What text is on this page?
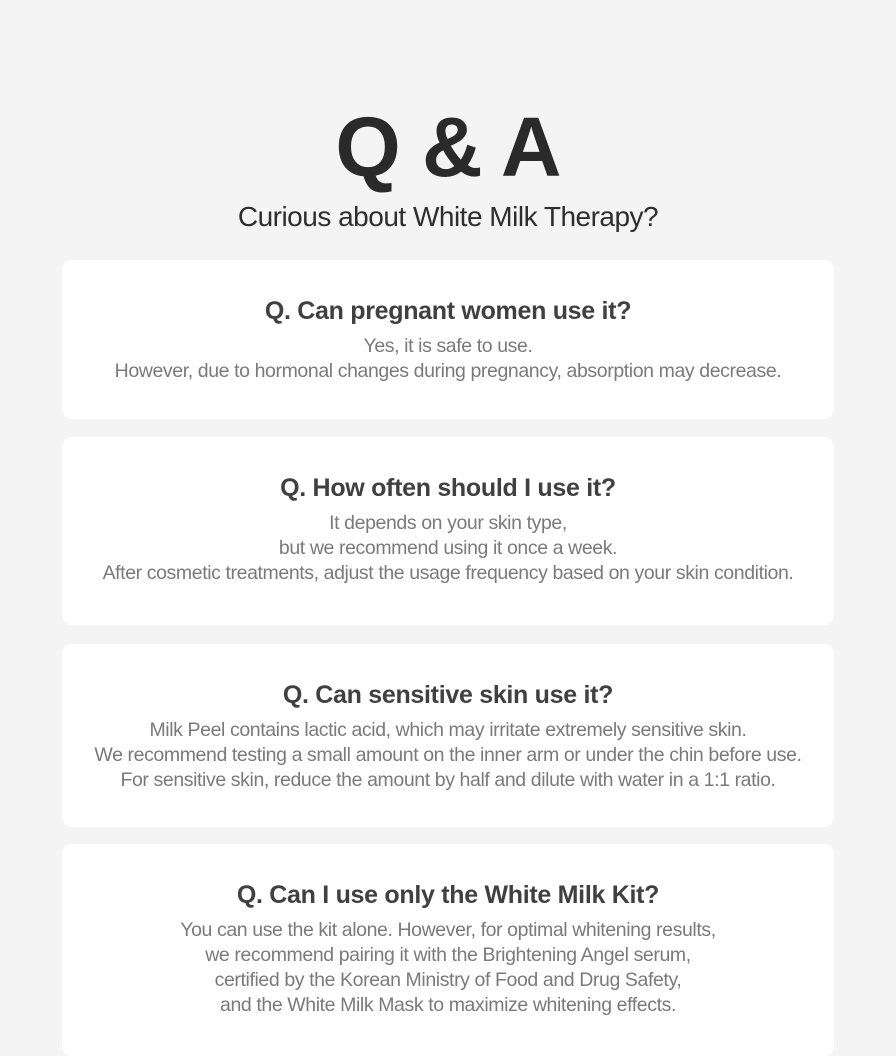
Q & A
Curious about White Milk Therapy?
Q. Can pregnant women use it?
Yes, it is safe to use.
However, due to hormonal changes during pregnancy, absorption may decrease.
Q. How often should I use it?
It depends on your skin type,
but we recommend using it once a week.
After cosmetic treatments, adjust the usage frequency based on your skin condition.
Q. Can sensitive skin use it?
Milk Peel contains lactic acid, which may irritate extremely sensitive skin.
We recommend testing a small amount on the inner arm or under the chin before use.
For sensitive skin, reduce the amount by half and dilute with water in a 1:1 ratio.
Q. Can I use only the White Milk Kit?
You can use the kit alone. However, for optimal whitening results,
we recommend pairing it with the Brightening Angel serum,
certified by the Korean Ministry of Food and Drug Safety,
and the White Milk Mask to maximize whitening effects.
